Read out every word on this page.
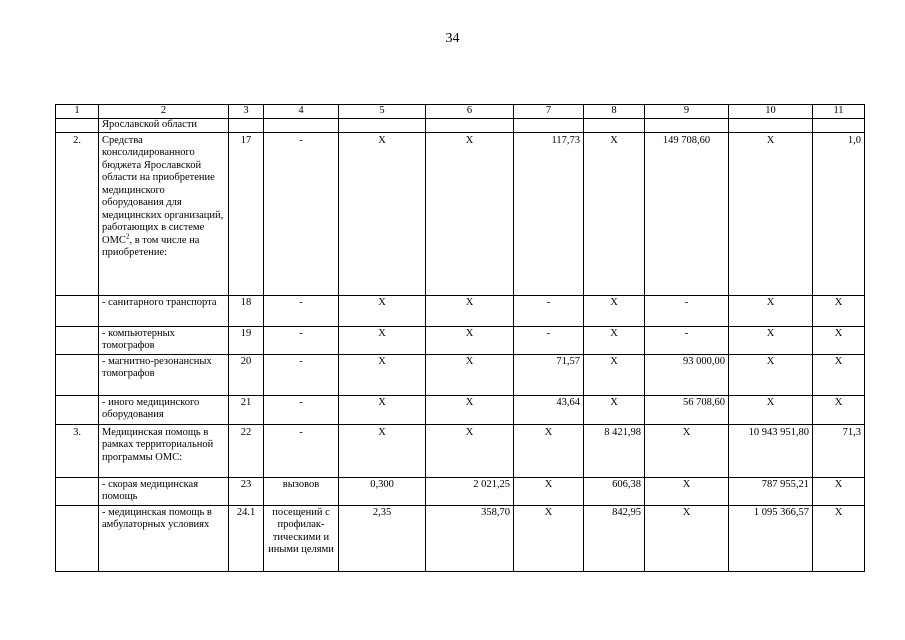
34
1	2	3	4	5	6	7	8	9	10	11
	Ярославской области									
2.	Средства консолидированного бюджета Ярославской области на приобретение медицинского оборудования для медицинских организаций, работающих в системе ОМС$^2$, в том числе на приобретение:	17	-	X	X	117,73	X	149 708,60	X	1,0
	- санитарного транспорта	18	-	X	X	-	X	-	X	X
	- компьютерных томографов	19	-	X	X	-	X	-	X	X
	- магнитно-резонансных томографов	20	-	X	X	71,57	X	93 000,00	X	X
	- иного медицинского оборудования	21	-	X	X	43,64	X	56 708,60	X	X
3.	Медицинская помощь в рамках территориальной программы ОМС:	22	-	X	X	X	8 421,98	X	10 943 951,80	71,3
	- скорая медицинская помощь	23	вызовов	0,300	2 021,25	X	606,38	X	787 955,21	X
	- медицинская помощь в амбулаторных условиях	24.1	посещений с профилак-тическими и иными целями	2,35	358,70	X	842,95	X	1 095 366,57	X
